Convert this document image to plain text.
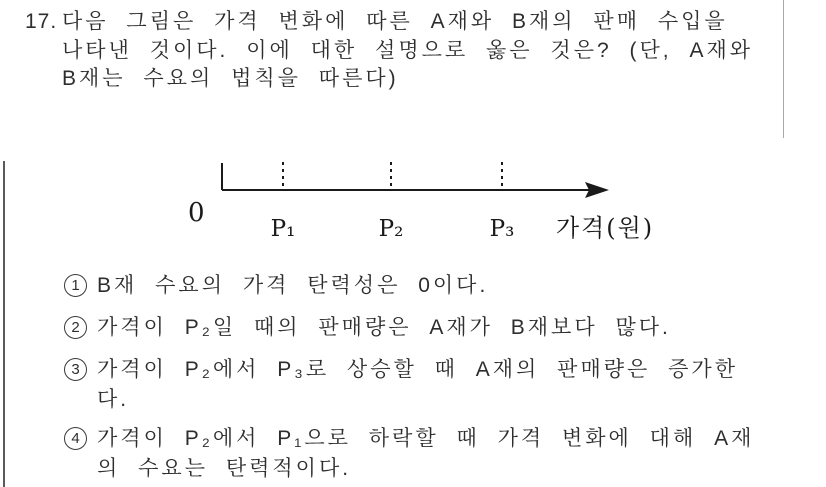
17. 다음 그림은 가격 변화에 따른 A재와 B재의 판매 수입을
나타낸 것이다. 이에 대한 설명으로 옳은 것은? (단, A재와
B재는 수요의 법칙을 따른다)
0
P₁	P₂	P₃ 가격(원)
1 B재 수요의 가격 탄력성은 0이다.
2 가격이 P₂일 때의 판매량은 A재가 B재보다 많다.
3 가격이 P₂에서 P₃로 상승할 때 A재의 판매량은 증가한
다.
4 가격이 P₂에서 P₁으로 하락할 때 가격 변화에 대해 A재
의 수요는 탄력적이다.
